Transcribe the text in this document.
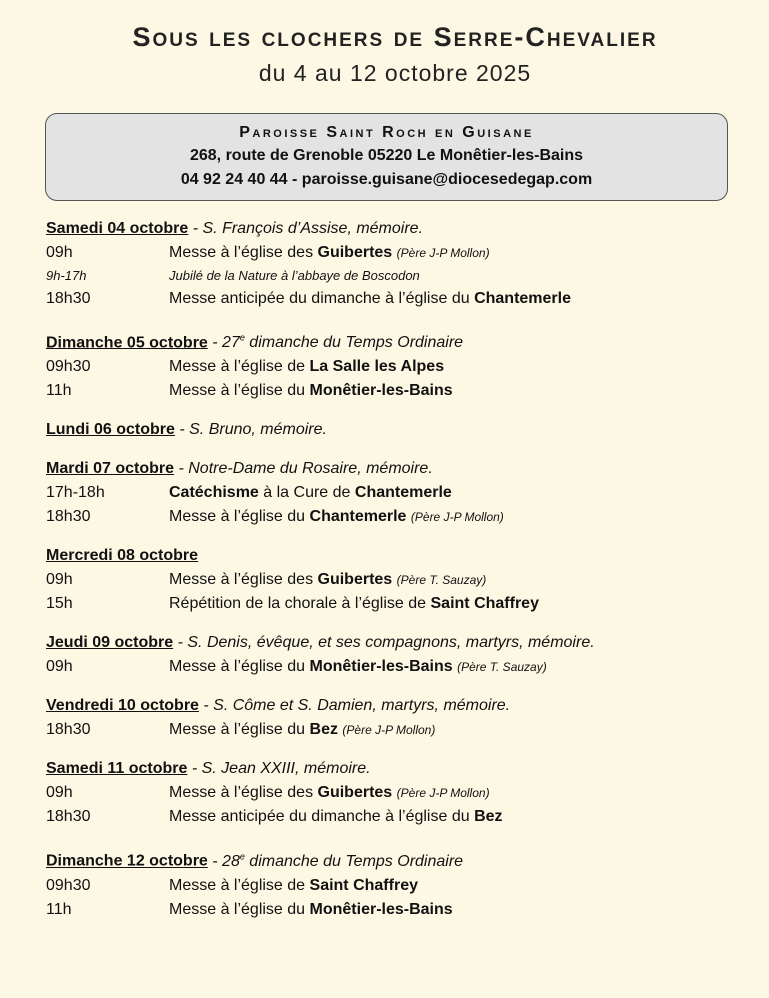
Sous les clochers de Serre-Chevalier
du 4 au 12 octobre 2025
Paroisse Saint Roch en Guisane
268, route de Grenoble 05220 Le Monêtier-les-Bains
04 92 24 40 44 - paroisse.guisane@diocesedegap.com
Samedi 04 octobre - S. François d’Assise, mémoire.
09h	Messe à l’église des Guibertes (Père J-P Mollon)
9h-17h	Jubilé de la Nature à l’abbaye de Boscodon
18h30	Messe anticipée du dimanche à l’église du Chantemerle
Dimanche 05 octobre - 27e dimanche du Temps Ordinaire
09h30	Messe à l’église de La Salle les Alpes
11h	Messe à l’église du Monêtier-les-Bains
Lundi 06 octobre - S. Bruno, mémoire.
Mardi 07 octobre - Notre-Dame du Rosaire, mémoire.
17h-18h	Catéchisme à la Cure de Chantemerle
18h30	Messe à l’église du Chantemerle (Père J-P Mollon)
Mercredi 08 octobre
09h	Messe à l’église des Guibertes (Père T. Sauzay)
15h	Répétition de la chorale à l’église de Saint Chaffrey
Jeudi 09 octobre - S. Denis, évêque, et ses compagnons, martyrs, mémoire.
09h	Messe à l’église du Monêtier-les-Bains (Père T. Sauzay)
Vendredi 10 octobre - S. Côme et S. Damien, martyrs, mémoire.
18h30	Messe à l’église du Bez (Père J-P Mollon)
Samedi 11 octobre - S. Jean XXIII, mémoire.
09h	Messe à l’église des Guibertes (Père J-P Mollon)
18h30	Messe anticipée du dimanche à l’église du Bez
Dimanche 12 octobre - 28e dimanche du Temps Ordinaire
09h30	Messe à l’église de Saint Chaffrey
11h	Messe à l’église du Monêtier-les-Bains
